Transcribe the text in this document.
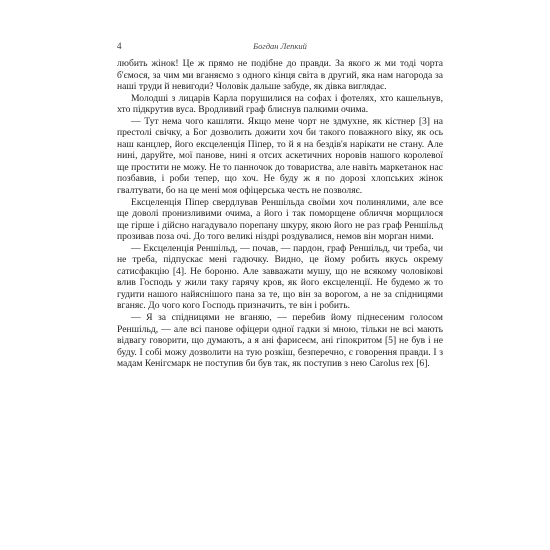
4	Богдан Лепкий

любить жінок! Це ж прямо не подібне до правди. За якого ж ми тоді чорта б'ємося, за чим ми вганяємо з одного кінця світа в другий, яка нам нагорода за наші труди й невигоди? Чоловік дальше забуде, як дівка виглядає.

Молодші з лицарів Карла порушилися на софах і фотелях, хто кашельнув, хто підкрутив вуса. Вродливий граф блиснув палкими очима.

— Тут нема чого кашляти. Якщо мене чорт не здмухне, як кістнер [3] на престолі свічку, а Бог дозволить дожити хоч би такого поважного віку, як ось наш канцлер, його ексцеленція Піпер, то й я на бездів'я нарікати не стану. Але нині, даруйте, мої панове, нині я отсих аскетичних норовів нашого королевої ще простити не можу. Не то панночок до товариства, але навіть маркетанок нас позбавив, і роби тепер, що хоч. Не буду ж я по дорозі хлопських жінок гвалтувати, бо на це мені моя офіцерська честь не позволяє.

Ексцеленція Піпер свердлував Реншільда своїми хоч полинялими, але все ще доволі пронизливими очима, а його і так поморщене обличчя морщилося ще гірше і дійсно нагадувало порепану шкуру, якою його не раз граф Реншільд прозивав поза очі. До того великі ніздрі роздувалися, немов він морган ними.

— Ексцеленція Реншільд, — почав, — пардон, граф Реншільд, чи треба, чи не треба, підпускає мені гадючку. Видно, це йому робить якусь окрему сатисфакцію [4]. Не бороню. Але завважати мушу, що не всякому чоловікові влив Господь у жили таку гарячу кров, як його ексцеленції. Не будемо ж то гудити нашого найяснішого пана за те, що він за ворогом, а не за спідницями вганяє. До чого кого Господь призначить, те він і робить.

— Я за спідницями не вганяю, — перебив йому піднесеним голосом Реншільд, — але всі панове офіцери одної гадки зі мною, тільки не всі мають відвагу говорити, що думають, а я ані фарисеєм, ані гіпокритом [5] не був і не буду. І собі можу дозволити на тую розкіш, безперечно, є говорення правди. І з мадам Кенігсмарк не поступив би був так, як поступив з нею Carolus rex [6].
